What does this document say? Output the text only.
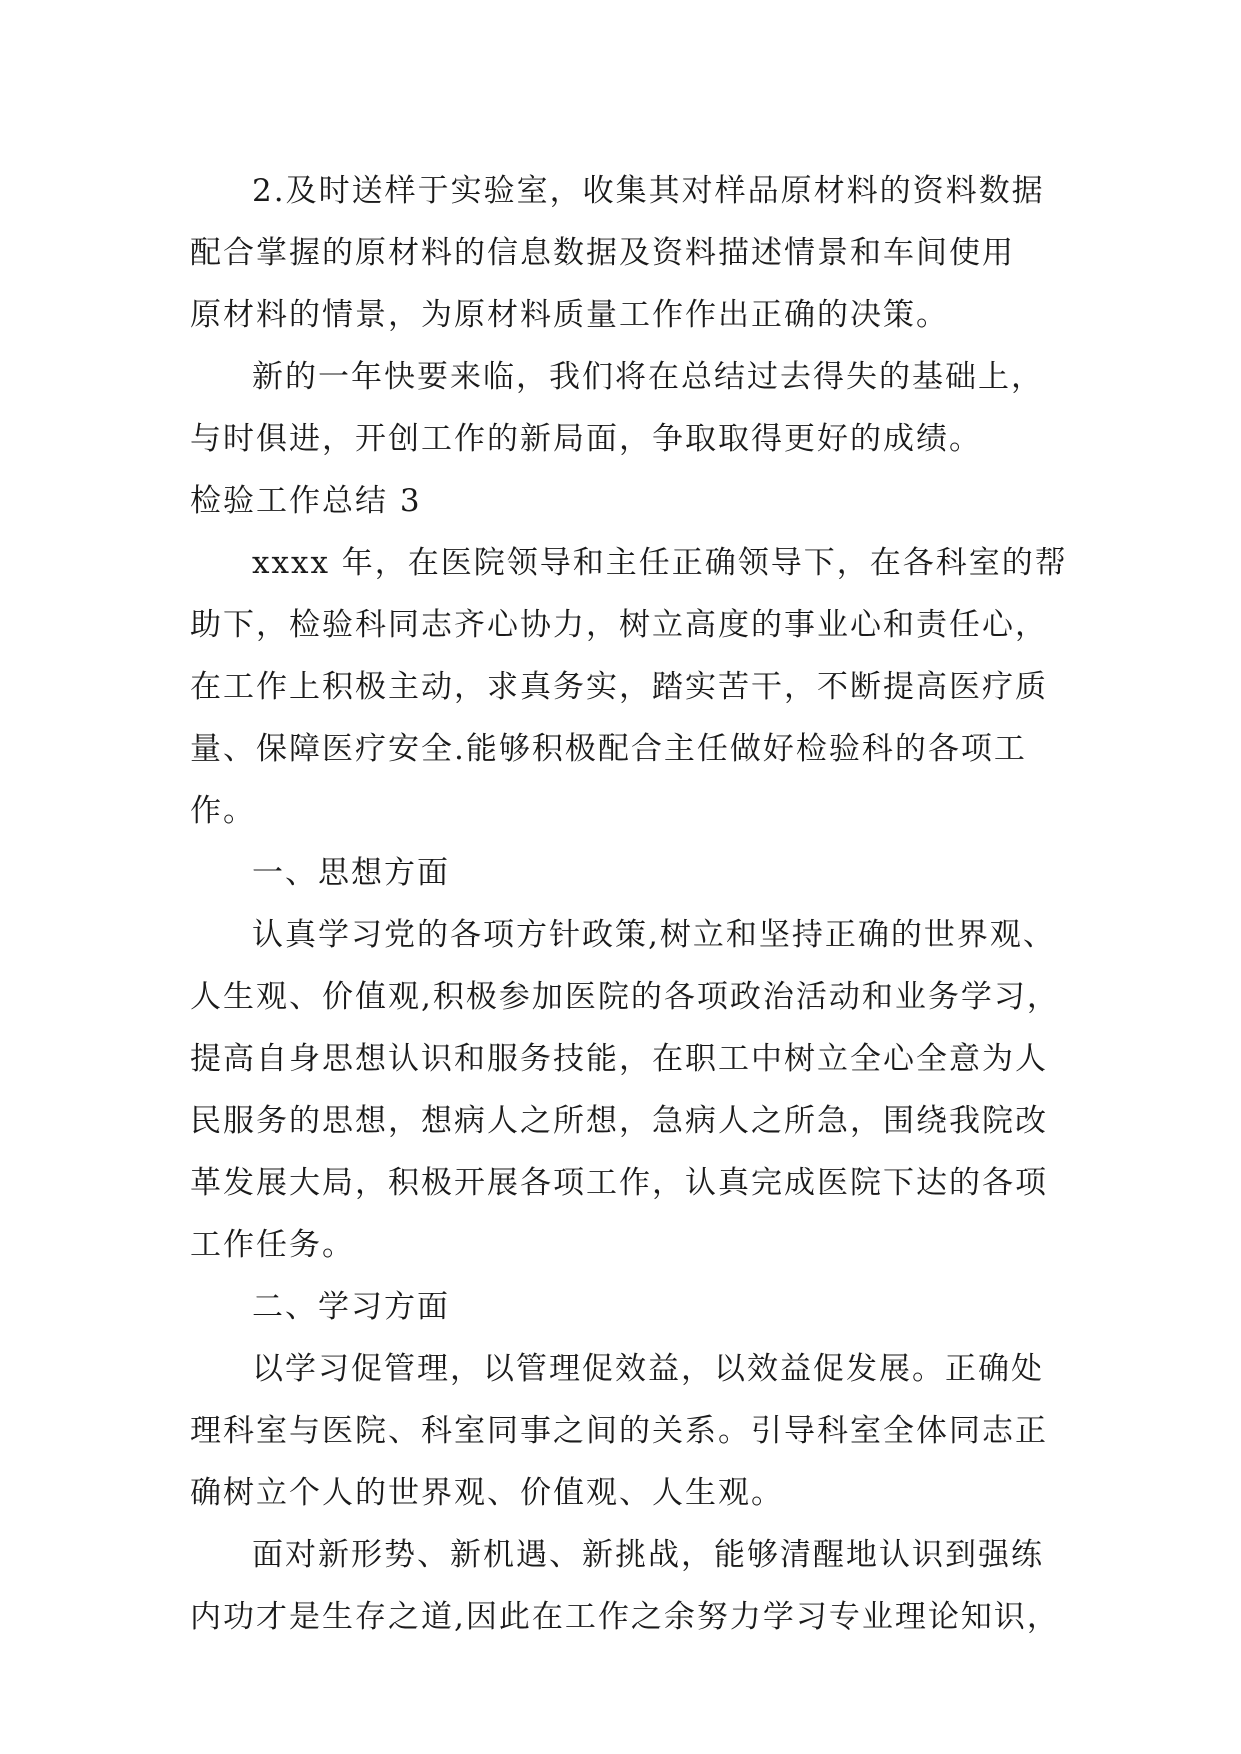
2.及时送样于实验室，收集其对样品原材料的资料数据
配合掌握的原材料的信息数据及资料描述情景和车间使用
原材料的情景，为原材料质量工作作出正确的决策。
新的一年快要来临，我们将在总结过去得失的基础上，
与时俱进，开创工作的新局面，争取取得更好的成绩。
检验工作总结 3
xxxx 年，在医院领导和主任正确领导下，在各科室的帮
助下，检验科同志齐心协力，树立高度的事业心和责任心，
在工作上积极主动，求真务实，踏实苦干，不断提高医疗质
量、保障医疗安全.能够积极配合主任做好检验科的各项工
作。
一、思想方面
认真学习党的各项方针政策,树立和坚持正确的世界观、
人生观、价值观,积极参加医院的各项政治活动和业务学习，
提高自身思想认识和服务技能，在职工中树立全心全意为人
民服务的思想，想病人之所想，急病人之所急，围绕我院改
革发展大局，积极开展各项工作，认真完成医院下达的各项
工作任务。
二、学习方面
以学习促管理，以管理促效益，以效益促发展。正确处
理科室与医院、科室同事之间的关系。引导科室全体同志正
确树立个人的世界观、价值观、人生观。
面对新形势、新机遇、新挑战，能够清醒地认识到强练
内功才是生存之道,因此在工作之余努力学习专业理论知识，
